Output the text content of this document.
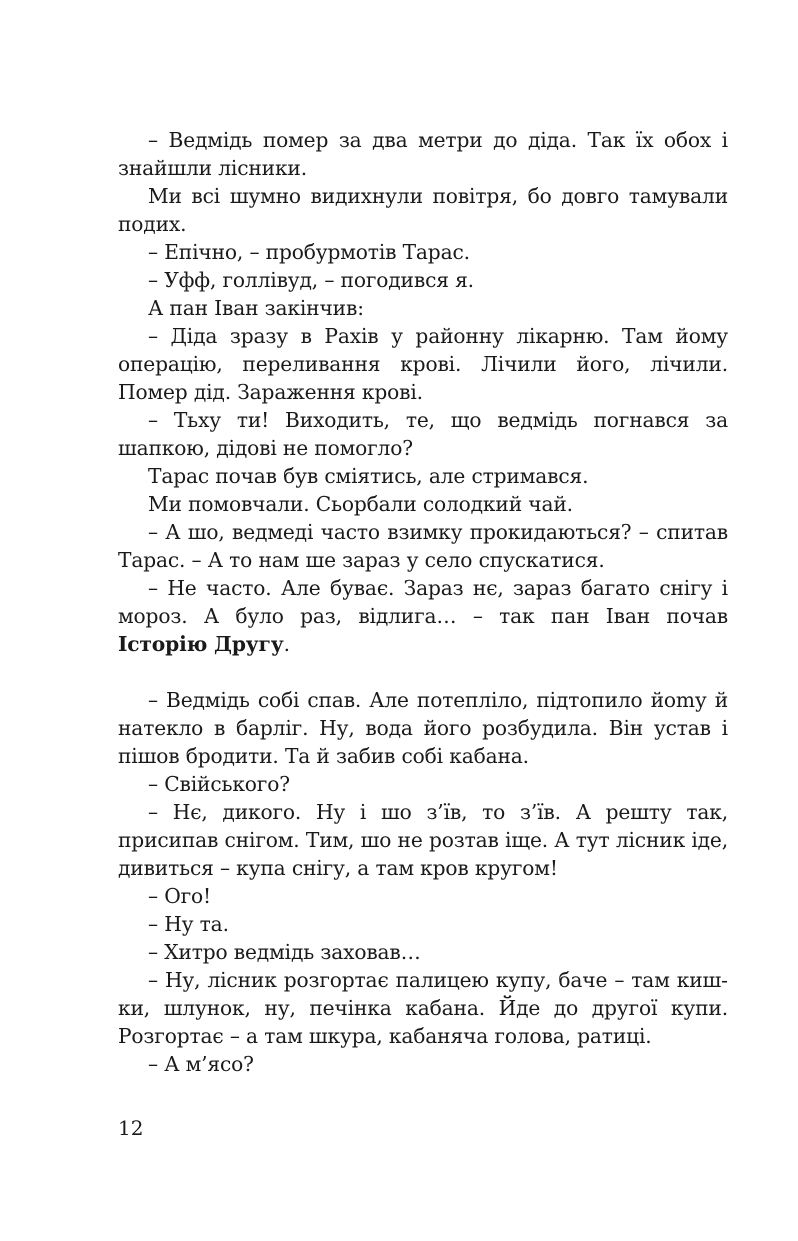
– Ведмідь помер за два метри до діда. Так їх обох і знайшли лісники.

Ми всі шумно видихнули повітря, бо довго тамували подих.

– Епічно, – пробурмотів Тарас.

– Уфф, голлівуд, – погодився я.

А пан Іван закінчив:

– Діда зразу в Рахів у районну лікарню. Там йому операцію, переливання крові. Лічили його, лічили. Помер дід. Зараження крові.

– Тьху ти! Виходить, те, що ведмідь погнався за шапкою, дідові не помогло?

Тарас почав був сміятись, але стримався.

Ми помовчали. Сьорбали солодкий чай.

– А шо, ведмеді часто взимку прокидаються? – спитав Тарас. – А то нам ше зараз у село спускатися.

– Не часто. Але буває. Зараз нє, зараз багато снігу і мороз. А було раз, відлига… – так пан Іван почав Історію Другу.

– Ведмідь собі спав. Але потепліло, підтопило йоmу й натекло в барліг. Ну, вода його розбудила. Він устав і пішов бродити. Та й забив собі кабана.

– Свійського?

– Нє, дикого. Ну і шо з’їв, то з’їв. А решту так, присипав снігом. Тим, шо не розтав іще. А тут лісник іде, дивиться – купа снігу, а там кров кругом!

– Ого!

– Ну та.

– Хитро ведмідь заховав…

– Ну, лісник розгортає палицею купу, баче – там кишки, шлунок, ну, печінка кабана. Йде до другої купи. Розгортає – а там шкура, кабаняча голова, ратиці.

– А м’ясо?

12
